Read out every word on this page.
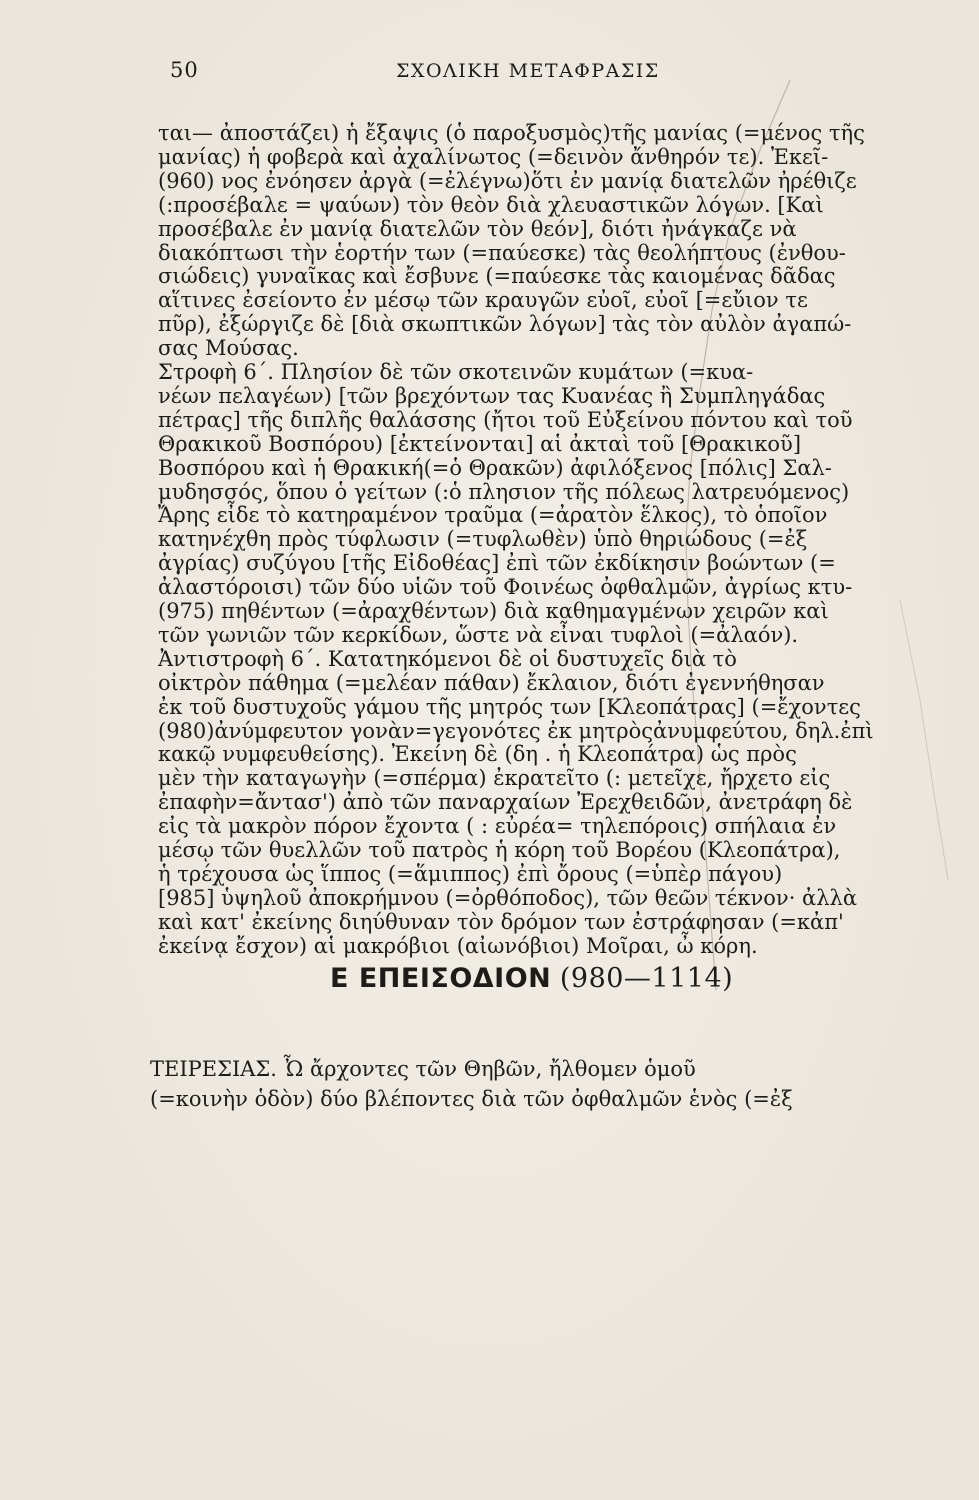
50	ΣΧΟΛΙΚΗ ΜΕΤΑΦΡΑΣΙΣ
ται— ἀποστάζει) ἡ ἔξαψις (ὁ παροξυσμὸς)τῆς μανίας (=μένος τῆς
μανίας) ἡ φοβερὰ καὶ ἀχαλίνωτος (=δεινὸν ἄνθηρόν τε). Ἐκεῖ-
(960) νος ἐνόησεν ἀργὰ (=ἐλέγνω)ὅτι ἐν μανίᾳ διατελῶν ἠρέθιζε
(:προσέβαλε = ψαύων) τὸν θεὸν διὰ χλευαστικῶν λόγων. [Καὶ
προσέβαλε ἐν μανίᾳ διατελῶν τὸν θεόν], διότι ἠνάγκαζε νὰ
διακόπτωσι τὴν ἑορτήν των (=παύεσκε) τὰς θεολήπτους (ἐνθου-
σιώδεις) γυναῖκας καὶ ἔσβυνε (=παύεσκε τὰς καιομένας δᾶδας
αἵτινες ἐσείοντο ἐν μέσῳ τῶν κραυγῶν εὐοῖ, εὐοῖ [=εὔιον τε
πῦρ), ἐξώργιζε δὲ [διὰ σκωπτικῶν λόγων] τὰς τὸν αὐλὸν ἀγαπώ-
σας Μούσας.
Στροφὴ 6΄. Πλησίον δὲ τῶν σκοτεινῶν κυμάτων (=κυα-
νέων πελαγέων) [τῶν βρεχόντων τας Κυανέας ἢ Συμπληγάδας
πέτρας] τῆς διπλῆς θαλάσσης (ἤτοι τοῦ Εὐξείνου πόντου καὶ τοῦ
Θρακικοῦ Βοσπόρου) [ἐκτείνονται] αἱ ἀκταὶ τοῦ [Θρακικοῦ]
Βοσπόρου καὶ ἡ Θρακική(=ὁ Θρακῶν) ἀφιλόξενος [πόλις] Σαλ-
μυδησσός, ὅπου ὁ γείτων (:ὁ πλησιον τῆς πόλεως λατρευόμενος)
Ἄρης εἶδε τὸ κατηραμένον τραῦμα (=ἀρατὸν ἕλκος), τὸ ὁποῖον
κατηνέχθη πρὸς τύφλωσιν (=τυφλωθὲν) ὑπὸ θηριώδους (=ἐξ
ἀγρίας) συζύγου [τῆς Εἰδοθέας] ἐπὶ τῶν ἐκδίκησιν βοώντων (=
ἀλαστόροισι) τῶν δύο υἱῶν τοῦ Φοινέως ὀφθαλμῶν, ἀγρίως κτυ-
(975) πηθέντων (=ἀραχθέντων) διὰ καθημαγμένων χειρῶν καὶ
τῶν γωνιῶν τῶν κερκίδων, ὥστε νὰ εἶναι τυφλοὶ (=ἀλαόν).
Ἀντιστροφὴ 6΄. Κατατηκόμενοι δὲ οἱ δυστυχεῖς διὰ τὸ
οἰκτρὸν πάθημα (=μελέαν πάθαν) ἔκλαιον, διότι ἐγεννήθησαν
ἐκ τοῦ δυστυχοῦς γάμου τῆς μητρός των [Κλεοπάτρας] (=ἔχοντες
(980)ἀνύμφευτον γονὰν=γεγονότες ἐκ μητρὸςἀνυμφεύτου, δηλ.ἐπὶ
κακῷ νυμφευθείσης). Ἐκείνη δὲ (δη . ἡ Κλεοπάτρα) ὡς πρὸς
μὲν τὴν καταγωγὴν (=σπέρμα) ἐκρατεῖτο (: μετεῖχε, ἤρχετο εἰς
ἐπαφὴν=ἄντασ') ἀπὸ τῶν παναρχαίων Ἐρεχθειδῶν, ἀνετράφη δὲ
εἰς τὰ μακρὸν πόρον ἔχοντα ( : εὐρέα= τηλεπόροις) σπήλαια ἐν
μέσῳ τῶν θυελλῶν τοῦ πατρὸς ἡ κόρη τοῦ Βορέου (Κλεοπάτρα),
ἡ τρέχουσα ὡς ἵππος (=ἅμιππος) ἐπὶ ὄρους (=ὑπὲρ πάγου)
[985] ὑψηλοῦ ἀποκρήμνου (=ὀρθόποδος), τῶν θεῶν τέκνον· ἀλλὰ
καὶ κατ' ἐκείνης διηύθυναν τὸν δρόμον των ἐστράφησαν (=κἀπ'
ἐκείνᾳ ἔσχον) αἱ μακρόβιοι (αἰωνόβιοι) Μοῖραι, ὦ κόρη.
Ε ΕΠΕΙΣΟΔΙΟΝ (980—1114)
ΤΕΙΡΕΣΙΑΣ. Ὦ ἄρχοντες τῶν Θηβῶν, ἤλθομεν ὁμοῦ
(=κοινὴν ὁδὸν) δύο βλέποντες διὰ τῶν ὀφθαλμῶν ἑνὸς (=ἐξ
